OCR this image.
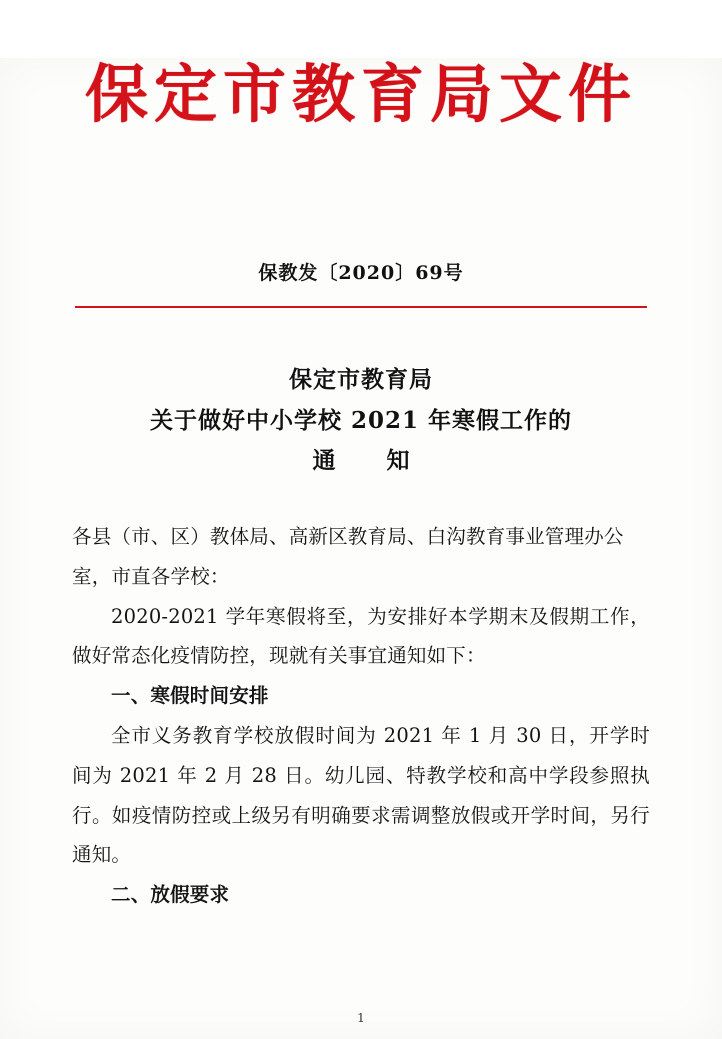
保定市教育局文件
保教发〔2020〕69号
保定市教育局
关于做好中小学校 2021 年寒假工作的
通　知

各县（市、区）教体局、高新区教育局、白沟教育事业管理办公

室，市直各学校：

2020-2021 学年寒假将至，为安排好本学期末及假期工作，做好常态化疫情防控，现就有关事宜通知如下：

一、寒假时间安排

全市义务教育学校放假时间为 2021 年 1 月 30 日，开学时间为 2021 年 2 月 28 日。幼儿园、特教学校和高中学段参照执行。如疫情防控或上级另有明确要求需调整放假或开学时间，另行通知。

二、放假要求

1
